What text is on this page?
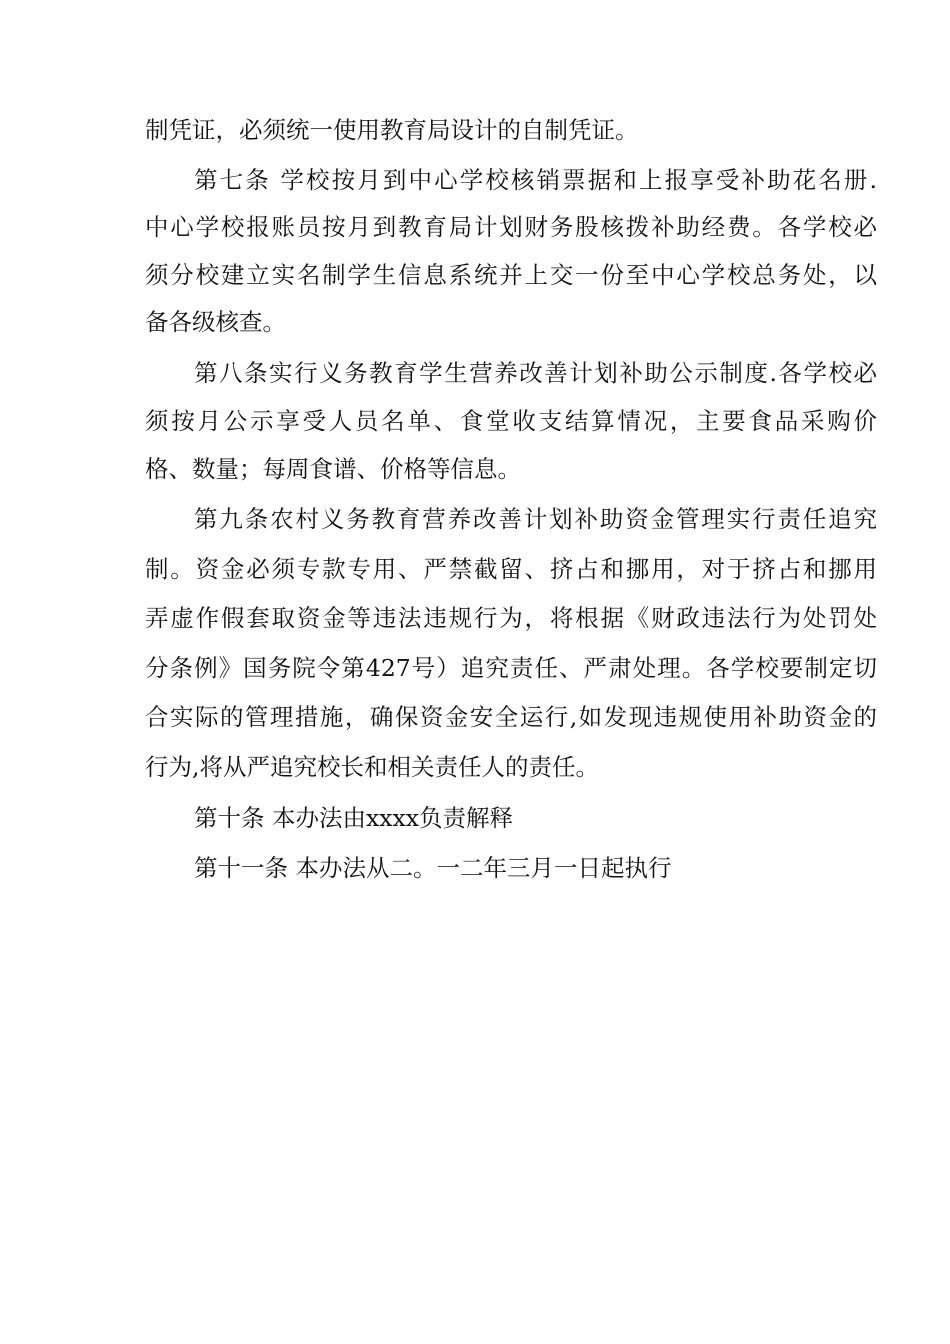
制凭证，必须统一使用教育局设计的自制凭证。
第七条 学校按月到中心学校核销票据和上报享受补助花名册.
中心学校报账员按月到教育局计划财务股核拨补助经费。各学校必
须分校建立实名制学生信息系统并上交一份至中心学校总务处，以
备各级核查。
第八条实行义务教育学生营养改善计划补助公示制度.各学校必
须按月公示享受人员名单、食堂收支结算情况，主要食品采购价
格、数量；每周食谱、价格等信息。
第九条农村义务教育营养改善计划补助资金管理实行责任追究
制。资金必须专款专用、严禁截留、挤占和挪用，对于挤占和挪用
弄虚作假套取资金等违法违规行为，将根据《财政违法行为处罚处
分条例》国务院令第427号）追究责任、严肃处理。各学校要制定切
合实际的管理措施，确保资金安全运行,如发现违规使用补助资金的
行为,将从严追究校长和相关责任人的责任。
第十条 本办法由xxxx负责解释
第十一条 本办法从二。一二年三月一日起执行
